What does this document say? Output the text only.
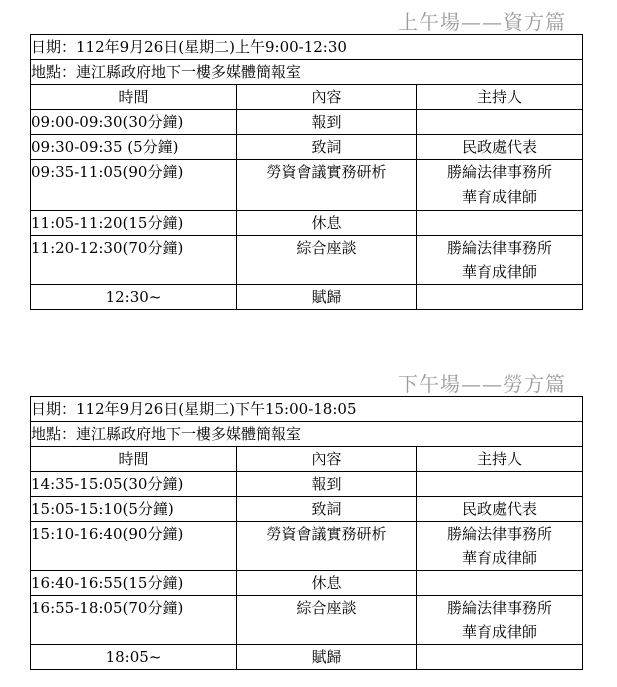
上午場——資方篇
日期：112年9月26日(星期二)上午9:00-12:30		
地點：連江縣政府地下一樓多媒體簡報室		
時間	內容	主持人
09:00-09:30(30分鐘)	報到	
09:30-09:35 (5分鐘)	致詞	民政處代表
09:35-11:05(90分鐘)	勞資會議實務研析	勝綸法律事務所
華育成律師

11:05-11:20(15分鐘)	休息	
11:20-12:30(70分鐘)	綜合座談	勝綸法律事務所
華育成律師

12:30~	賦歸	
下午場——勞方篇
日期：112年9月26日(星期二)下午15:00-18:05		
地點：連江縣政府地下一樓多媒體簡報室		
時間	內容	主持人
14:35-15:05(30分鐘)	報到	
15:05-15:10(5分鐘)	致詞	民政處代表
15:10-16:40(90分鐘)	勞資會議實務研析	勝綸法律事務所
華育成律師

16:40-16:55(15分鐘)	休息	
16:55-18:05(70分鐘)	綜合座談	勝綸法律事務所
華育成律師

18:05~	賦歸	
